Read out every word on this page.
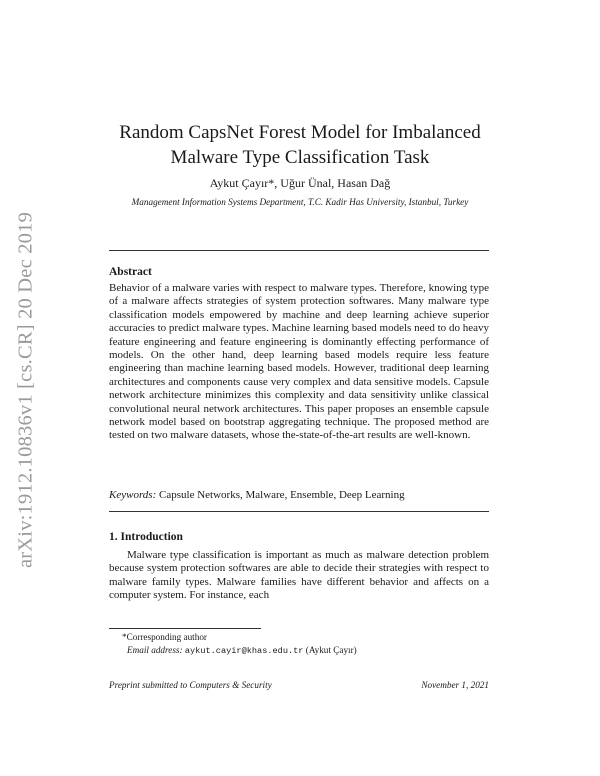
arXiv:1912.10836v1 [cs.CR] 20 Dec 2019
Random CapsNet Forest Model for Imbalanced
Malware Type Classification Task
Aykut Çayır*, Uğur Ünal, Hasan Dağ
Management Information Systems Department, T.C. Kadir Has University, Istanbul, Turkey
Abstract
Behavior of a malware varies with respect to malware types. Therefore, knowing type of a malware affects strategies of system protection softwares. Many malware type classification models empowered by machine and deep learning achieve superior accuracies to predict malware types. Machine learning based models need to do heavy feature engineering and feature engineering is dominantly effecting performance of models. On the other hand, deep learning based models require less feature engineering than machine learning based models. However, traditional deep learning architectures and components cause very complex and data sensitive models. Capsule network architecture minimizes this complexity and data sensitivity unlike classical convolutional neural network architectures. This paper proposes an ensemble capsule network model based on bootstrap aggregating technique. The proposed method are tested on two malware datasets, whose the-state-of-the-art results are well-known.
Keywords: Capsule Networks, Malware, Ensemble, Deep Learning
1. Introduction
Malware type classification is important as much as malware detection problem because system protection softwares are able to decide their strategies with respect to malware family types. Malware families have different behavior and affects on a computer system. For instance, each
*Corresponding author
Email address: aykut.cayir@khas.edu.tr (Aykut Çayır)
Preprint submitted to Computers & Security	November 1, 2021
